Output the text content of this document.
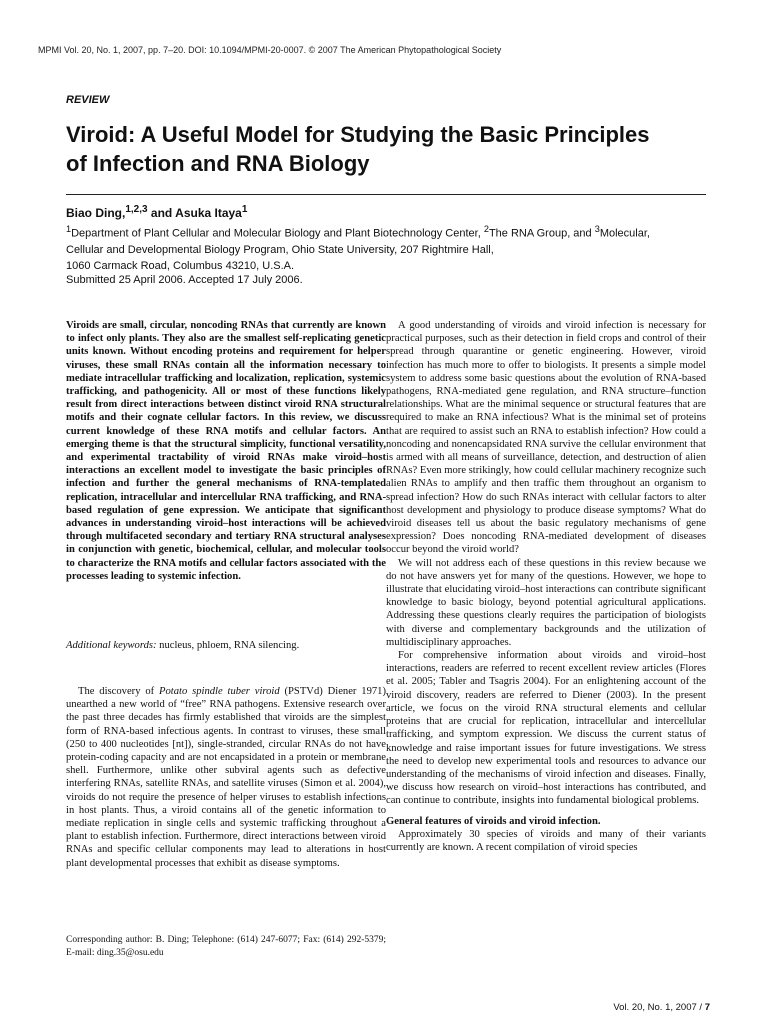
MPMI Vol. 20, No. 1, 2007, pp. 7–20. DOI: 10.1094/MPMI-20-0007. © 2007 The American Phytopathological Society
REVIEW
Viroid: A Useful Model for Studying the Basic Principles
of Infection and RNA Biology
Biao Ding,$^{1,2,3}$ and Asuka Itaya$^1$

$^1$Department of Plant Cellular and Molecular Biology and Plant Biotechnology Center, $^2$The RNA Group, and $^3$Molecular,

Cellular and Developmental Biology Program, Ohio State University, 207 Rightmire Hall,

1060 Carmack Road, Columbus 43210, U.S.A.

Submitted 25 April 2006. Accepted 17 July 2006.

Viroids are small, circular, noncoding RNAs that currently are known to infect only plants. They also are the smallest self-replicating genetic units known. Without encoding proteins and requirement for helper viruses, these small RNAs contain all the information necessary to mediate intracellular trafficking and localization, replication, systemic trafficking, and pathogenicity. All or most of these functions likely result from direct interactions between distinct viroid RNA structural motifs and their cognate cellular factors. In this review, we discuss current knowledge of these RNA motifs and cellular factors. An emerging theme is that the structural simplicity, functional versatility, and experimental tractability of viroid RNAs make viroid–host interactions an excellent model to investigate the basic principles of infection and further the general mechanisms of RNA-templated replication, intracellular and intercellular RNA trafficking, and RNA-based regulation of gene expression. We anticipate that significant advances in understanding viroid–host interactions will be achieved through multifaceted secondary and tertiary RNA structural analyses in conjunction with genetic, biochemical, cellular, and molecular tools to characterize the RNA motifs and cellular factors associated with the processes leading to systemic infection.

Additional keywords: nucleus, phloem, RNA silencing.

The discovery of Potato spindle tuber viroid (PSTVd) Diener 1971) unearthed a new world of “free” RNA pathogens. Extensive research over the past three decades has firmly established that viroids are the simplest form of RNA-based infectious agents. In contrast to viruses, these small (250 to 400 nucleotides [nt]), single-stranded, circular RNAs do not have protein-coding capacity and are not encapsidated in a protein or membrane shell. Furthermore, unlike other subviral agents such as defective interfering RNAs, satellite RNAs, and satellite viruses (Simon et al. 2004), viroids do not require the presence of helper viruses to establish infections in host plants. Thus, a viroid contains all of the genetic information to mediate replication in single cells and systemic trafficking throughout a plant to establish infection. Furthermore, direct interactions between viroid RNAs and specific cellular components may lead to alterations in host plant developmental processes that exhibit as disease symptoms.

Corresponding author: B. Ding; Telephone: (614) 247-6077; Fax: (614) 292-5379; E-mail: ding.35@osu.edu

A good understanding of viroids and viroid infection is necessary for practical purposes, such as their detection in field crops and control of their spread through quarantine or genetic engineering. However, viroid infection has much more to offer to biologists. It presents a simple model system to address some basic questions about the evolution of RNA-based pathogens, RNA-mediated gene regulation, and RNA structure–function relationships. What are the minimal sequence or structural features that are required to make an RNA infectious? What is the minimal set of proteins that are required to assist such an RNA to establish infection? How could a noncoding and nonencapsidated RNA survive the cellular environment that is armed with all means of surveillance, detection, and destruction of alien RNAs? Even more strikingly, how could cellular machinery recognize such alien RNAs to amplify and then traffic them throughout an organism to spread infection? How do such RNAs interact with cellular factors to alter host development and physiology to produce disease symptoms? What do viroid diseases tell us about the basic regulatory mechanisms of gene expression? Does noncoding RNA-mediated development of diseases occur beyond the viroid world?

We will not address each of these questions in this review because we do not have answers yet for many of the questions. However, we hope to illustrate that elucidating viroid–host interactions can contribute significant knowledge to basic biology, beyond potential agricultural applications. Addressing these questions clearly requires the participation of biologists with diverse and complementary backgrounds and the utilization of multidisciplinary approaches.

For comprehensive information about viroids and viroid–host interactions, readers are referred to recent excellent review articles (Flores et al. 2005; Tabler and Tsagris 2004). For an enlightening account of the viroid discovery, readers are referred to Diener (2003). In the present article, we focus on the viroid RNA structural elements and cellular proteins that are crucial for replication, intracellular and intercellular trafficking, and symptom expression. We discuss the current status of knowledge and raise important issues for future investigations. We stress the need to develop new experimental tools and resources to advance our understanding of the mechanisms of viroid infection and diseases. Finally, we discuss how research on viroid–host interactions has contributed, and can continue to contribute, insights into fundamental biological problems.

General features of viroids and viroid infection.

Approximately 30 species of viroids and many of their variants currently are known. A recent compilation of viroid species

Vol. 20, No. 1, 2007 / 7
